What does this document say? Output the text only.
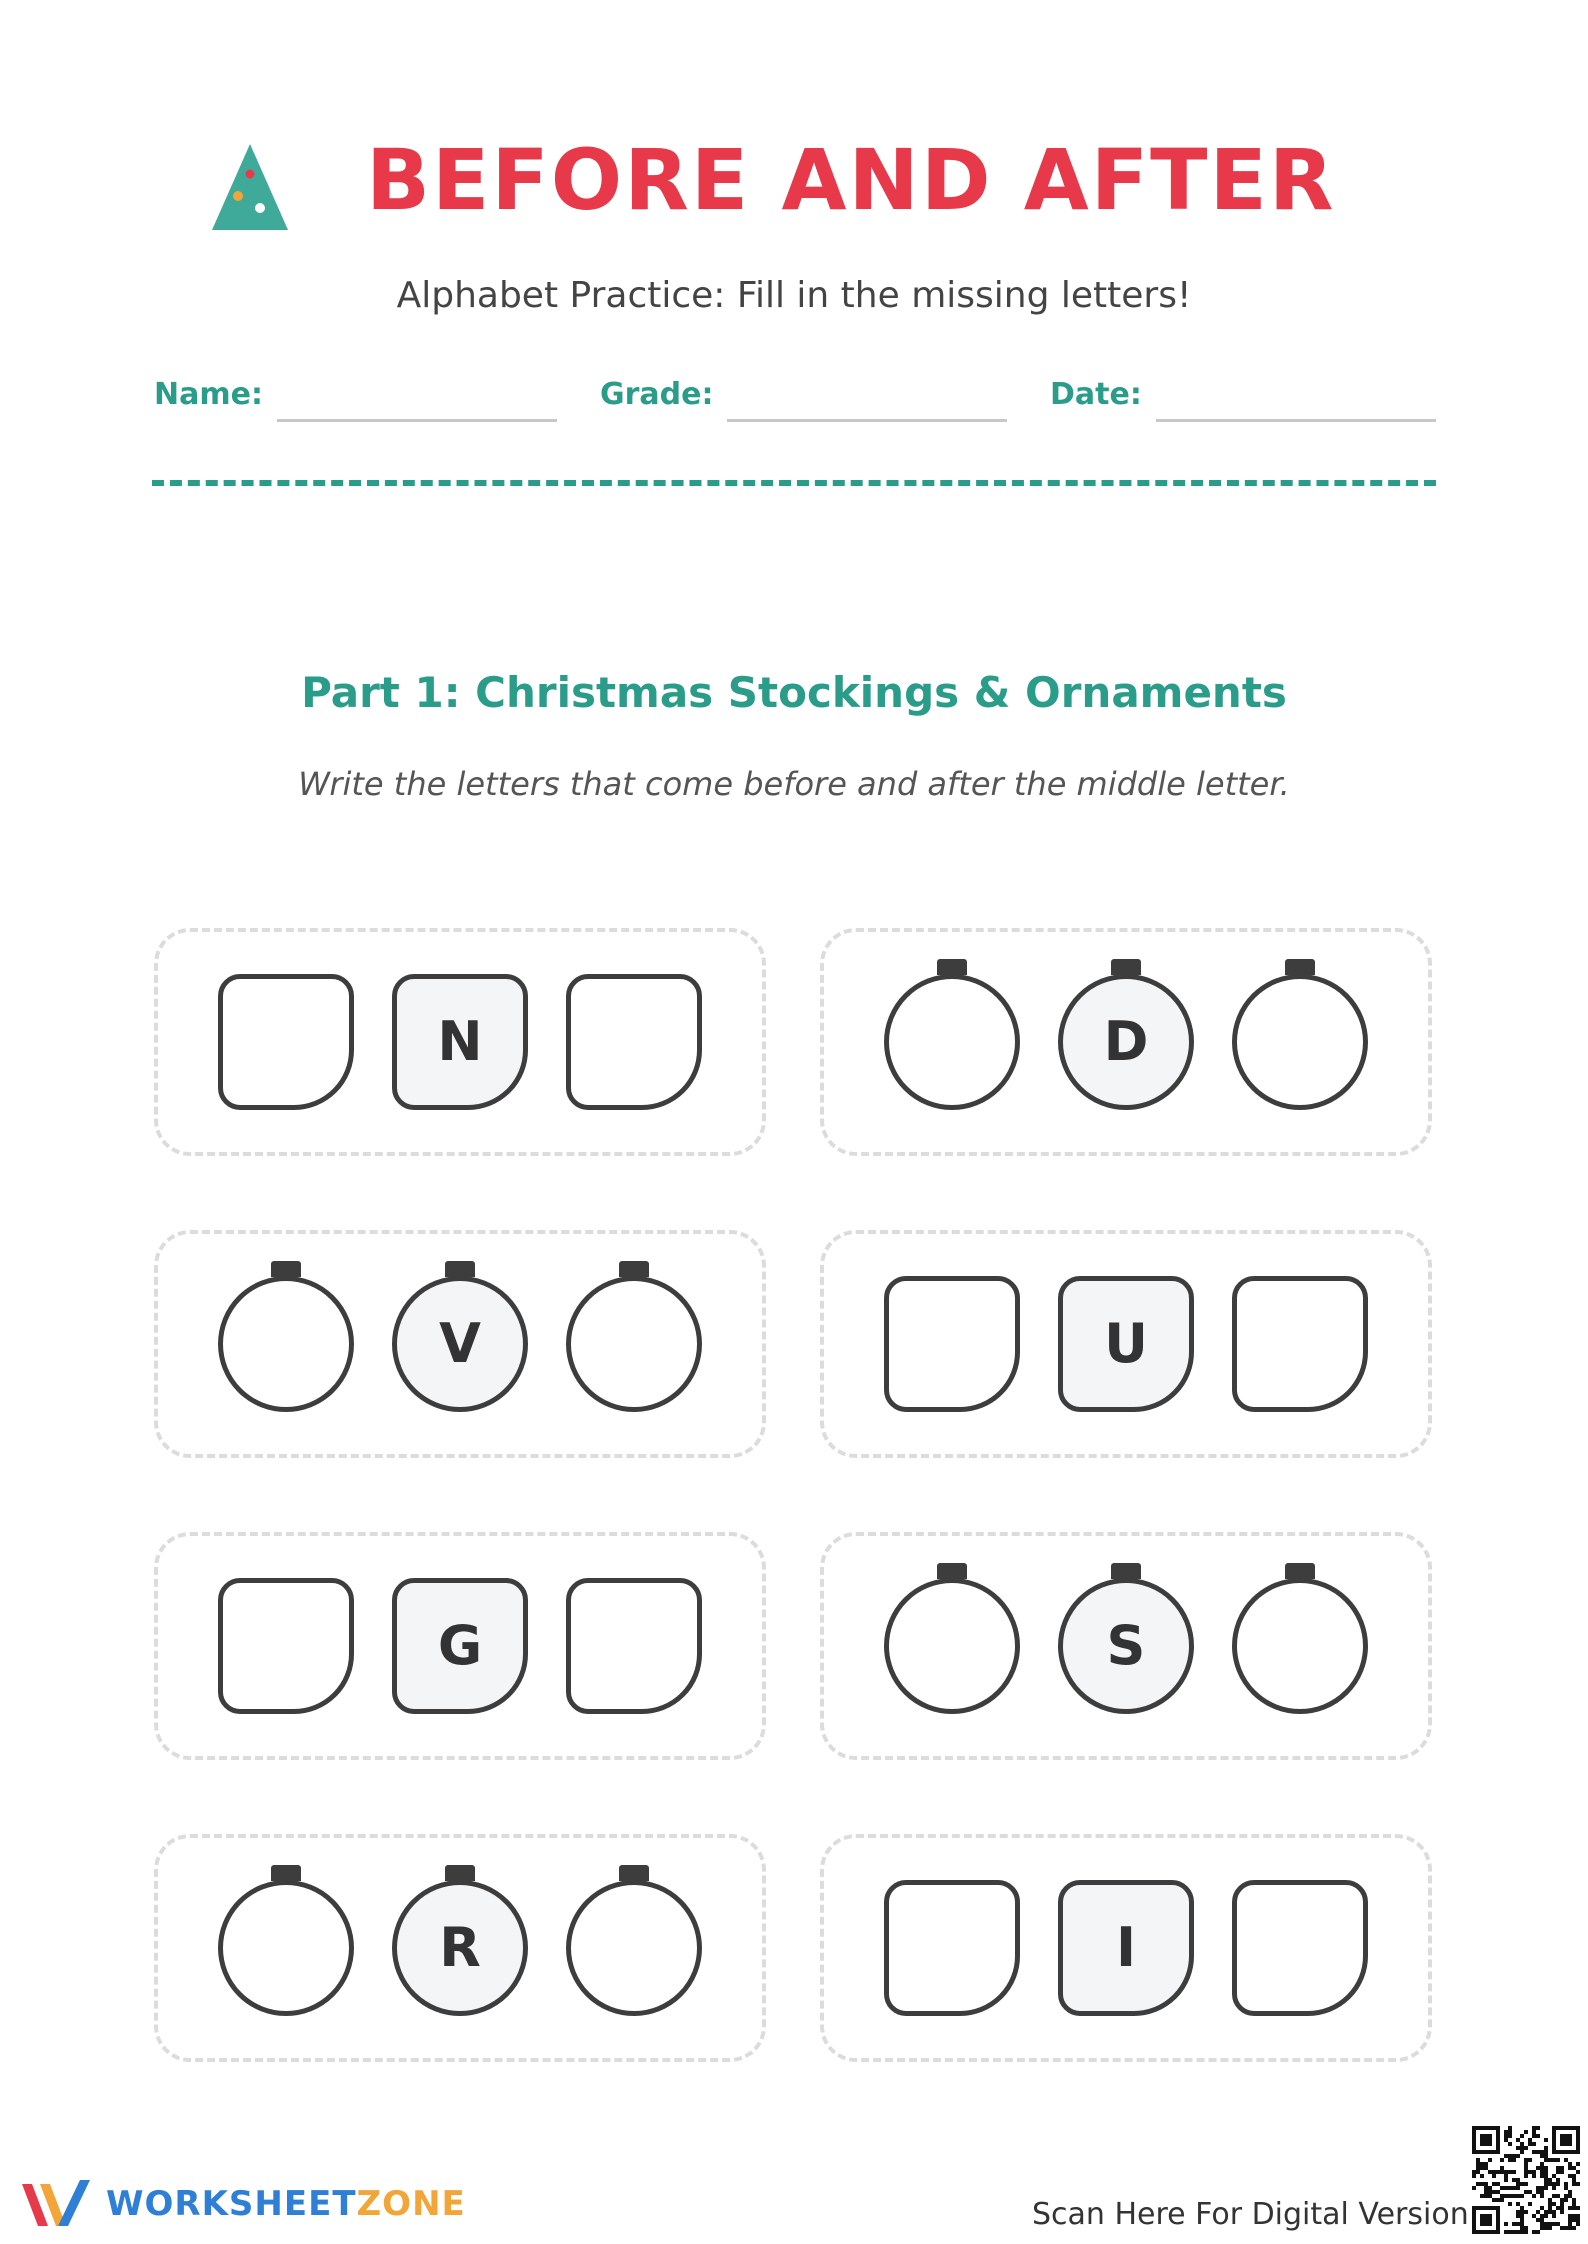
BEFORE AND AFTER
Alphabet Practice: Fill in the missing letters!
Name:	Grade:	Date:
Part 1: Christmas Stockings & Ornaments
Write the letters that come before and after the middle letter.
N	D
V	U
G	S
R	I
WORKSHEETZONE	Scan Here For Digital Version
